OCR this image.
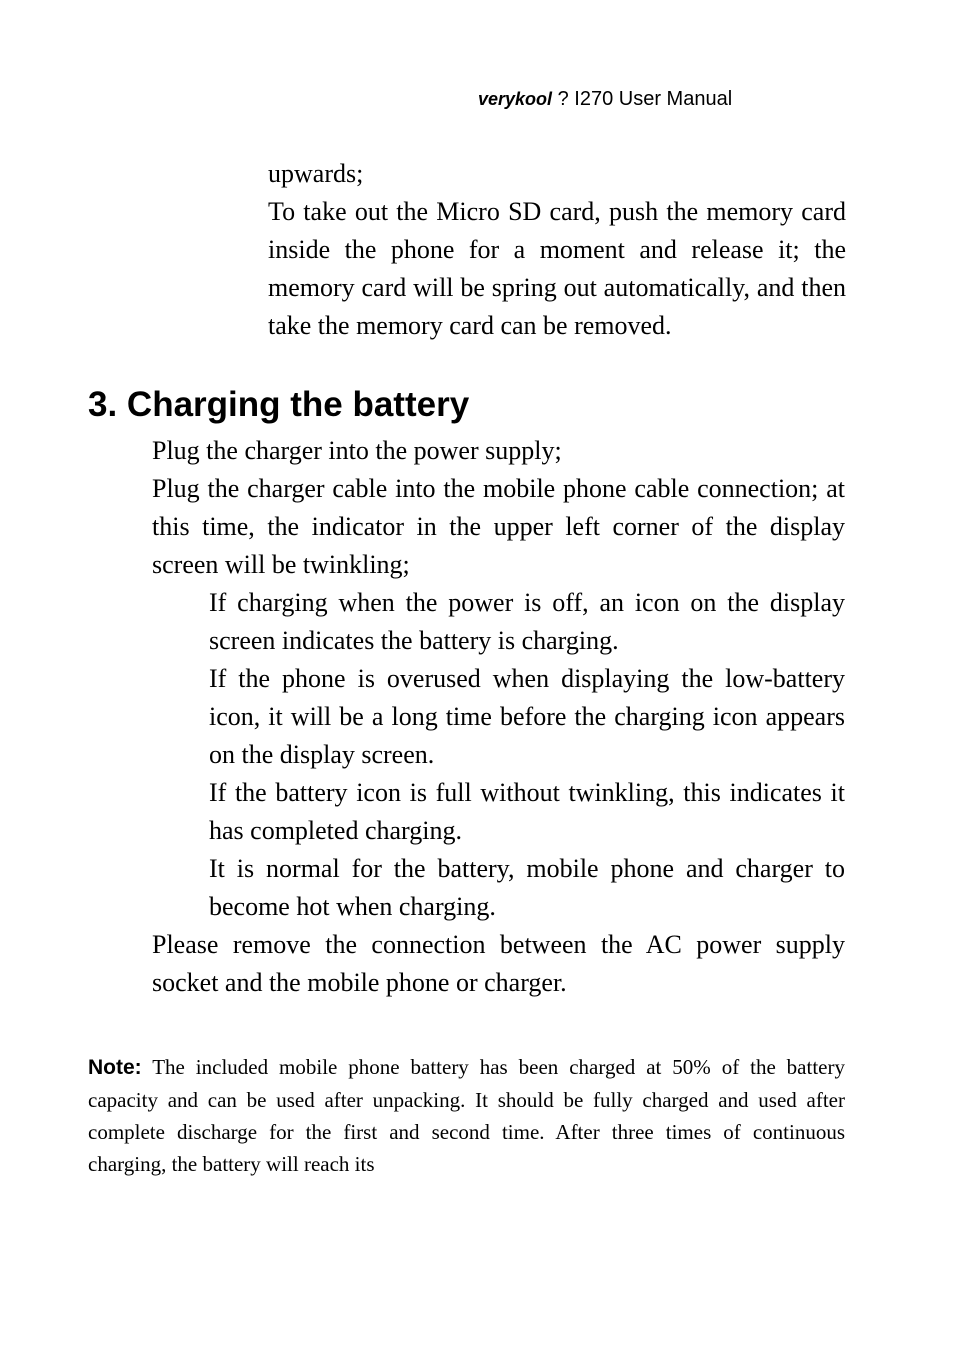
verykool ? I270 User Manual

upwards;

To take out the Micro SD card, push the memory card inside the phone for a moment and release it; the memory card will be spring out automatically, and then take the memory card can be removed.

3. Charging the battery

Plug the charger into the power supply;

Plug the charger cable into the mobile phone cable connection; at this time, the indicator in the upper left corner of the display screen will be twinkling;

If charging when the power is off, an icon on the display screen indicates the battery is charging.

If the phone is overused when displaying the low-battery icon, it will be a long time before the charging icon appears on the display screen.

If the battery icon is full without twinkling, this indicates it has completed charging.

It is normal for the battery, mobile phone and charger to become hot when charging.

Please remove the connection between the AC power supply socket and the mobile phone or charger.

Note: The included mobile phone battery has been charged at 50% of the battery capacity and can be used after unpacking. It should be fully charged and used after complete discharge for the first and second time. After three times of continuous charging, the battery will reach its
